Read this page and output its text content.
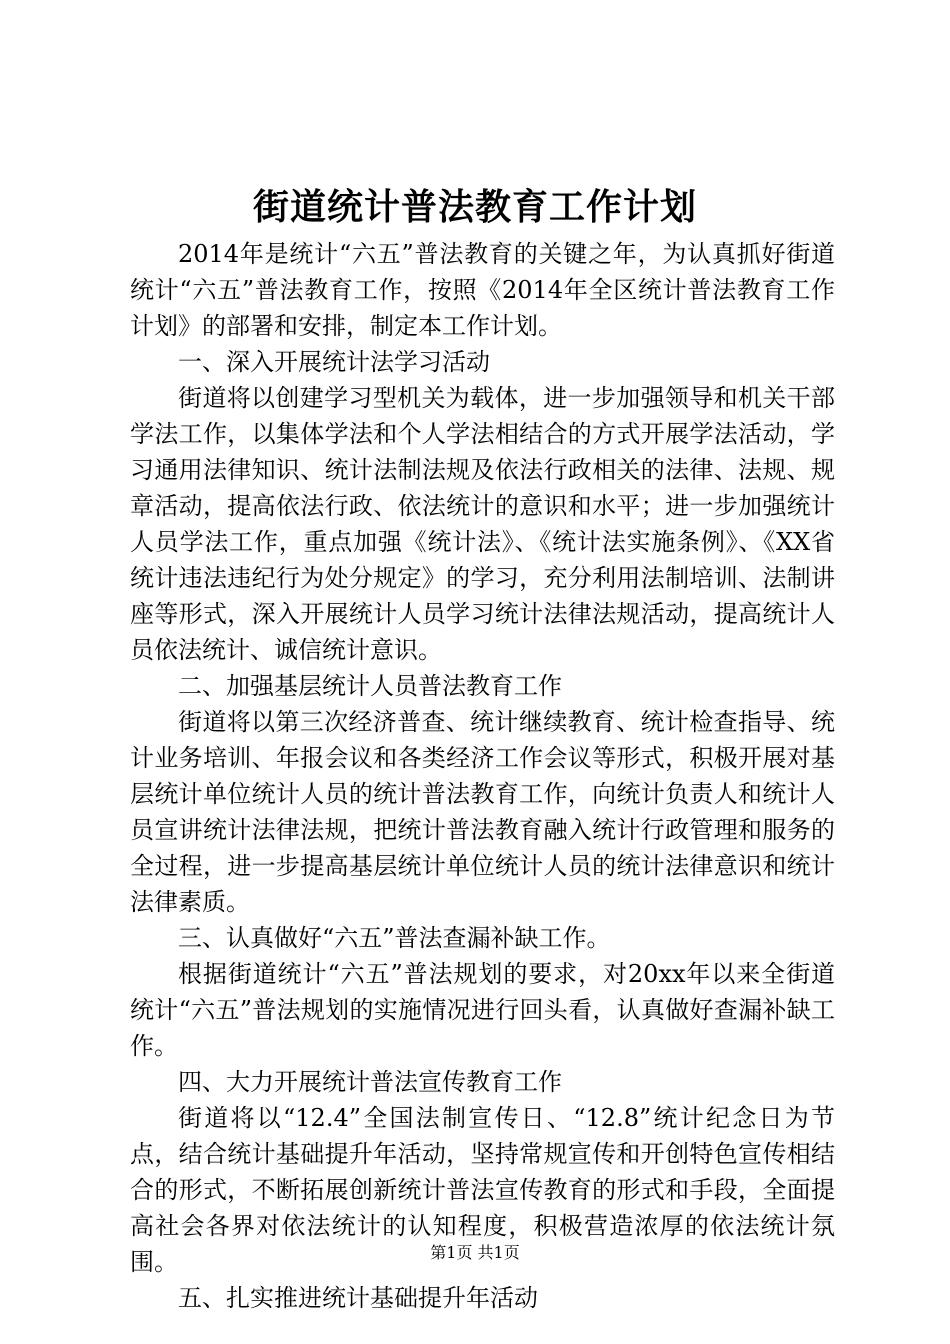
街道统计普法教育工作计划

2014年是统计“六五”普法教育的关键之年，为认真抓好街道统计“六五”普法教育工作，按照《2014年全区统计普法教育工作计划》的部署和安排，制定本工作计划。

一、深入开展统计法学习活动

街道将以创建学习型机关为载体，进一步加强领导和机关干部学法工作，以集体学法和个人学法相结合的方式开展学法活动，学习通用法律知识、统计法制法规及依法行政相关的法律、法规、规章活动，提高依法行政、依法统计的意识和水平；进一步加强统计人员学法工作，重点加强《统计法》、《统计法实施条例》、《XX省统计违法违纪行为处分规定》的学习，充分利用法制培训、法制讲座等形式，深入开展统计人员学习统计法律法规活动，提高统计人员依法统计、诚信统计意识。

二、加强基层统计人员普法教育工作

街道将以第三次经济普查、统计继续教育、统计检查指导、统计业务培训、年报会议和各类经济工作会议等形式，积极开展对基层统计单位统计人员的统计普法教育工作，向统计负责人和统计人员宣讲统计法律法规，把统计普法教育融入统计行政管理和服务的全过程，进一步提高基层统计单位统计人员的统计法律意识和统计法律素质。

三、认真做好“六五”普法查漏补缺工作。

根据街道统计“六五”普法规划的要求，对20xx年以来全街道统计“六五”普法规划的实施情况进行回头看，认真做好查漏补缺工作。

四、大力开展统计普法宣传教育工作

街道将以“12.4”全国法制宣传日、“12.8”统计纪念日为节点，结合统计基础提升年活动，坚持常规宣传和开创特色宣传相结合的形式，不断拓展创新统计普法宣传教育的形式和手段，全面提高社会各界对依法统计的认知程度，积极营造浓厚的依法统计氛围。

五、扎实推进统计基础提升年活动

第1页 共1页
